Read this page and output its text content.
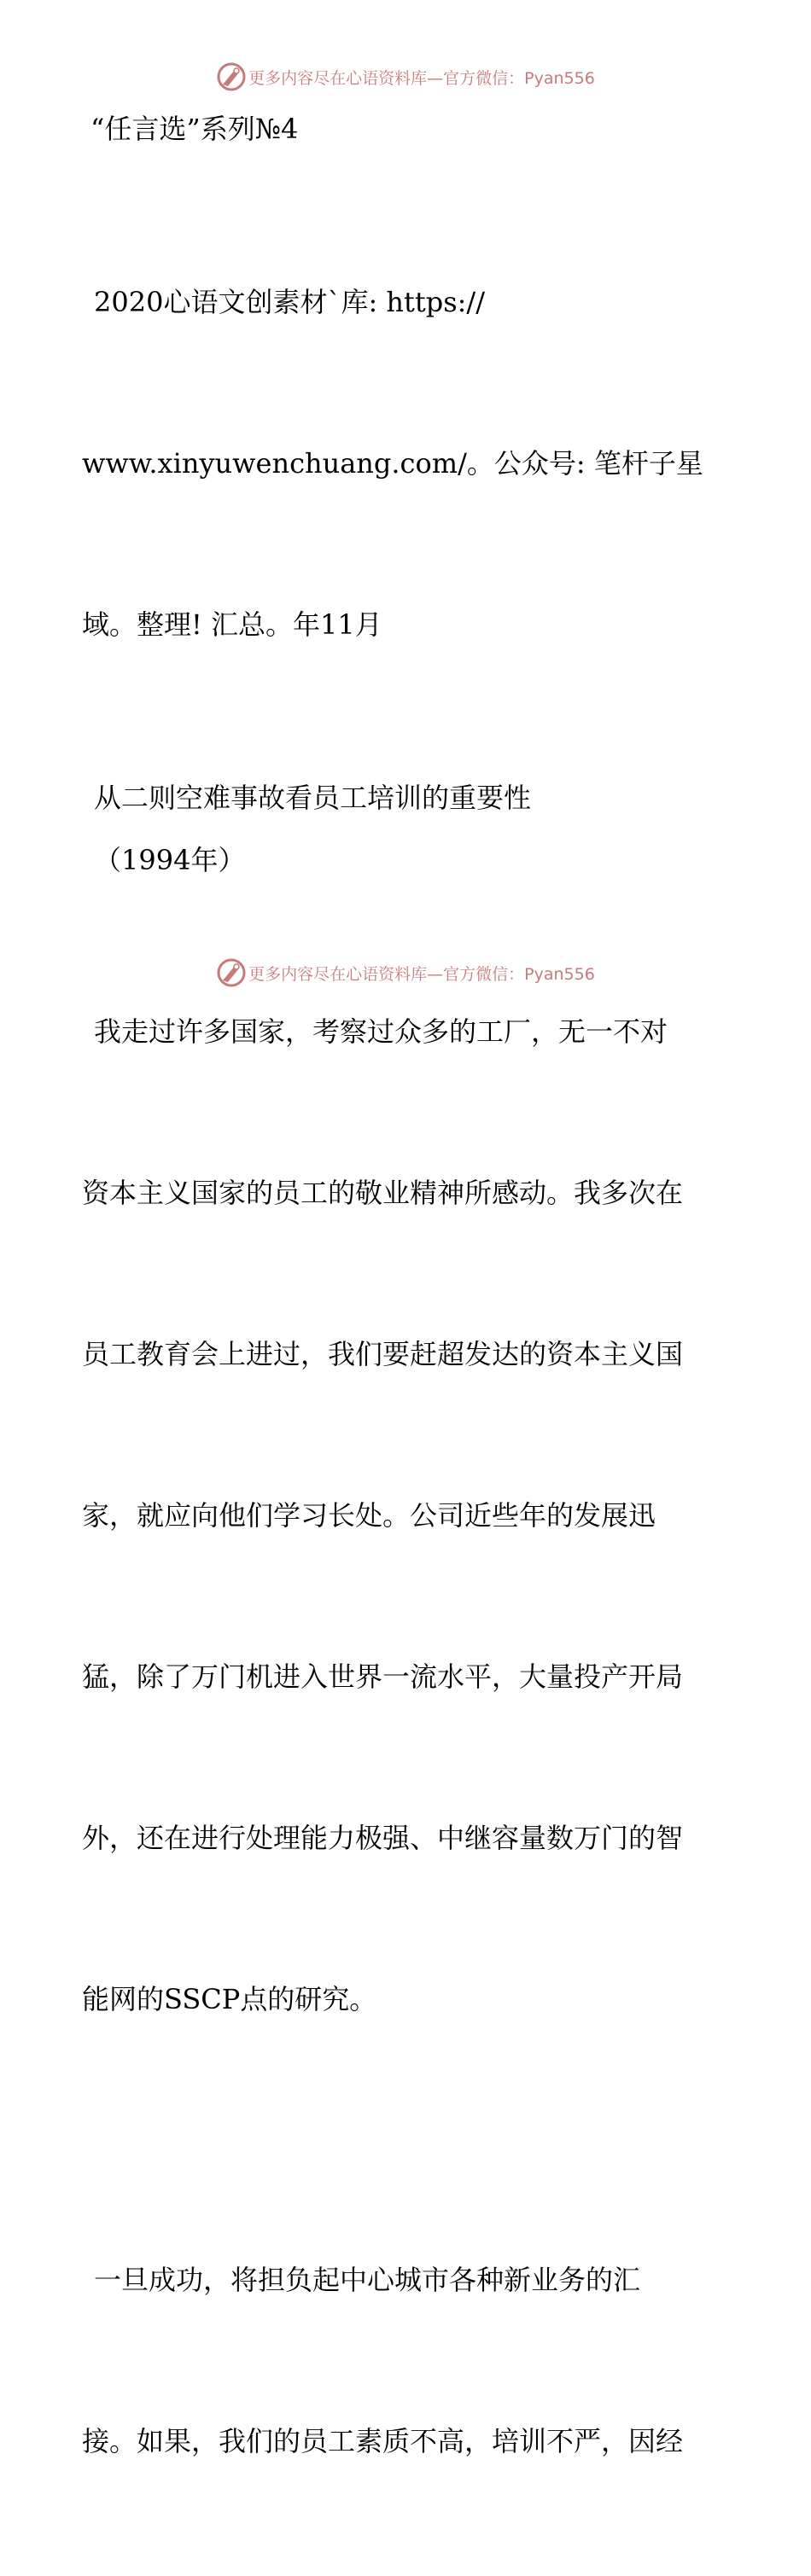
更多内容尽在心语资料库—官方微信：Pyan556

“任言选”系列№4

2020心语文创素材`库: https://

www.xinyuwenchuang.com/。公众号: 笔杆子星

域。整理! 汇总。年11月

从二则空难事故看员工培训的重要性

（1994年）

我走过许多国家，考察过众多的工厂，无一不对

资本主义国家的员工的敬业精神所感动。我多次在

员工教育会上进过，我们要赶超发达的资本主义国

家，就应向他们学习长处。公司近些年的发展迅

猛，除了万门机进入世界一流水平，大量投产开局

外，还在进行处理能力极强、中继容量数万门的智

能网的SSCP点的研究。

一旦成功，将担负起中心城市各种新业务的汇

接。如果，我们的员工素质不高，培训不严，因经

更多内容尽在心语资料库—官方微信：Pyan556
